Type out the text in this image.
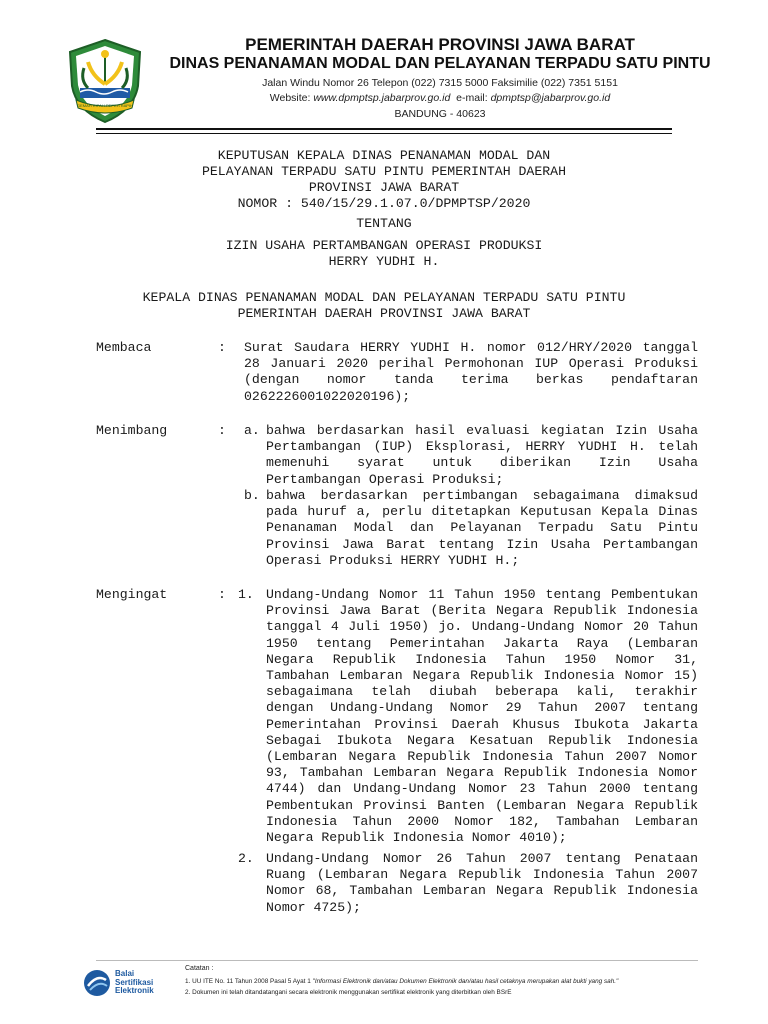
GEMAH RIPAH REPEH RAPIH
PEMERINTAH DAERAH PROVINSI JAWA BARAT
DINAS PENANAMAN MODAL DAN PELAYANAN TERPADU SATU PINTU
Jalan Windu Nomor 26 Telepon (022) 7315 5000 Faksimilie (022) 7351 5151
Website: www.dpmptsp.jabarprov.go.id e-mail: dpmptsp@jabarprov.go.id
BANDUNG - 40623
KEPUTUSAN KEPALA DINAS PENANAMAN MODAL DAN
PELAYANAN TERPADU SATU PINTU PEMERINTAH DAERAH
PROVINSI JAWA BARAT
NOMOR : 540/15/29.1.07.0/DPMPTSP/2020
TENTANG
IZIN USAHA PERTAMBANGAN OPERASI PRODUKSI
HERRY YUDHI H.
KEPALA DINAS PENANAMAN MODAL DAN PELAYANAN TERPADU SATU PINTU
PEMERINTAH DAERAH PROVINSI JAWA BARAT
Membaca	: Surat Saudara HERRY YUDHI H. nomor 012/HRY/2020 tanggal 28 Januari 2020 perihal Permohonan IUP Operasi Produksi (dengan nomor tanda terima berkas pendaftaran 0262226001022020196);
Menimbang	: a. bahwa berdasarkan hasil evaluasi kegiatan Izin Usaha Pertambangan (IUP) Eksplorasi, HERRY YUDHI H. telah memenuhi syarat untuk diberikan Izin Usaha Pertambangan Operasi Produksi;
b. bahwa berdasarkan pertimbangan sebagaimana dimaksud pada huruf a, perlu ditetapkan Keputusan Kepala Dinas Penanaman Modal dan Pelayanan Terpadu Satu Pintu Provinsi Jawa Barat tentang Izin Usaha Pertambangan Operasi Produksi HERRY YUDHI H.;
Mengingat	: 1. Undang-Undang Nomor 11 Tahun 1950 tentang Pembentukan Provinsi Jawa Barat (Berita Negara Republik Indonesia tanggal 4 Juli 1950) jo. Undang-Undang Nomor 20 Tahun 1950 tentang Pemerintahan Jakarta Raya (Lembaran Negara Republik Indonesia Tahun 1950 Nomor 31, Tambahan Lembaran Negara Republik Indonesia Nomor 15) sebagaimana telah diubah beberapa kali, terakhir dengan Undang-Undang Nomor 29 Tahun 2007 tentang Pemerintahan Provinsi Daerah Khusus Ibukota Jakarta Sebagai Ibukota Negara Kesatuan Republik Indonesia (Lembaran Negara Republik Indonesia Tahun 2007 Nomor 93, Tambahan Lembaran Negara Republik Indonesia Nomor 4744) dan Undang-Undang Nomor 23 Tahun 2000 tentang Pembentukan Provinsi Banten (Lembaran Negara Republik Indonesia Tahun 2000 Nomor 182, Tambahan Lembaran Negara Republik Indonesia Nomor 4010);
2. Undang-Undang Nomor 26 Tahun 2007 tentang Penataan Ruang (Lembaran Negara Republik Indonesia Tahun 2007 Nomor 68, Tambahan Lembaran Negara Republik Indonesia Nomor 4725);
Balai
Sertifikasi
Elektronik
Catatan :
1. UU ITE No. 11 Tahun 2008 Pasal 5 Ayat 1 "Informasi Elektronik dan/atau Dokumen Elektronik dan/atau hasil cetaknya merupakan alat bukti yang sah."
2. Dokumen ini telah ditandatangani secara elektronik menggunakan sertifikat elektronik yang diterbitkan oleh BSrE
